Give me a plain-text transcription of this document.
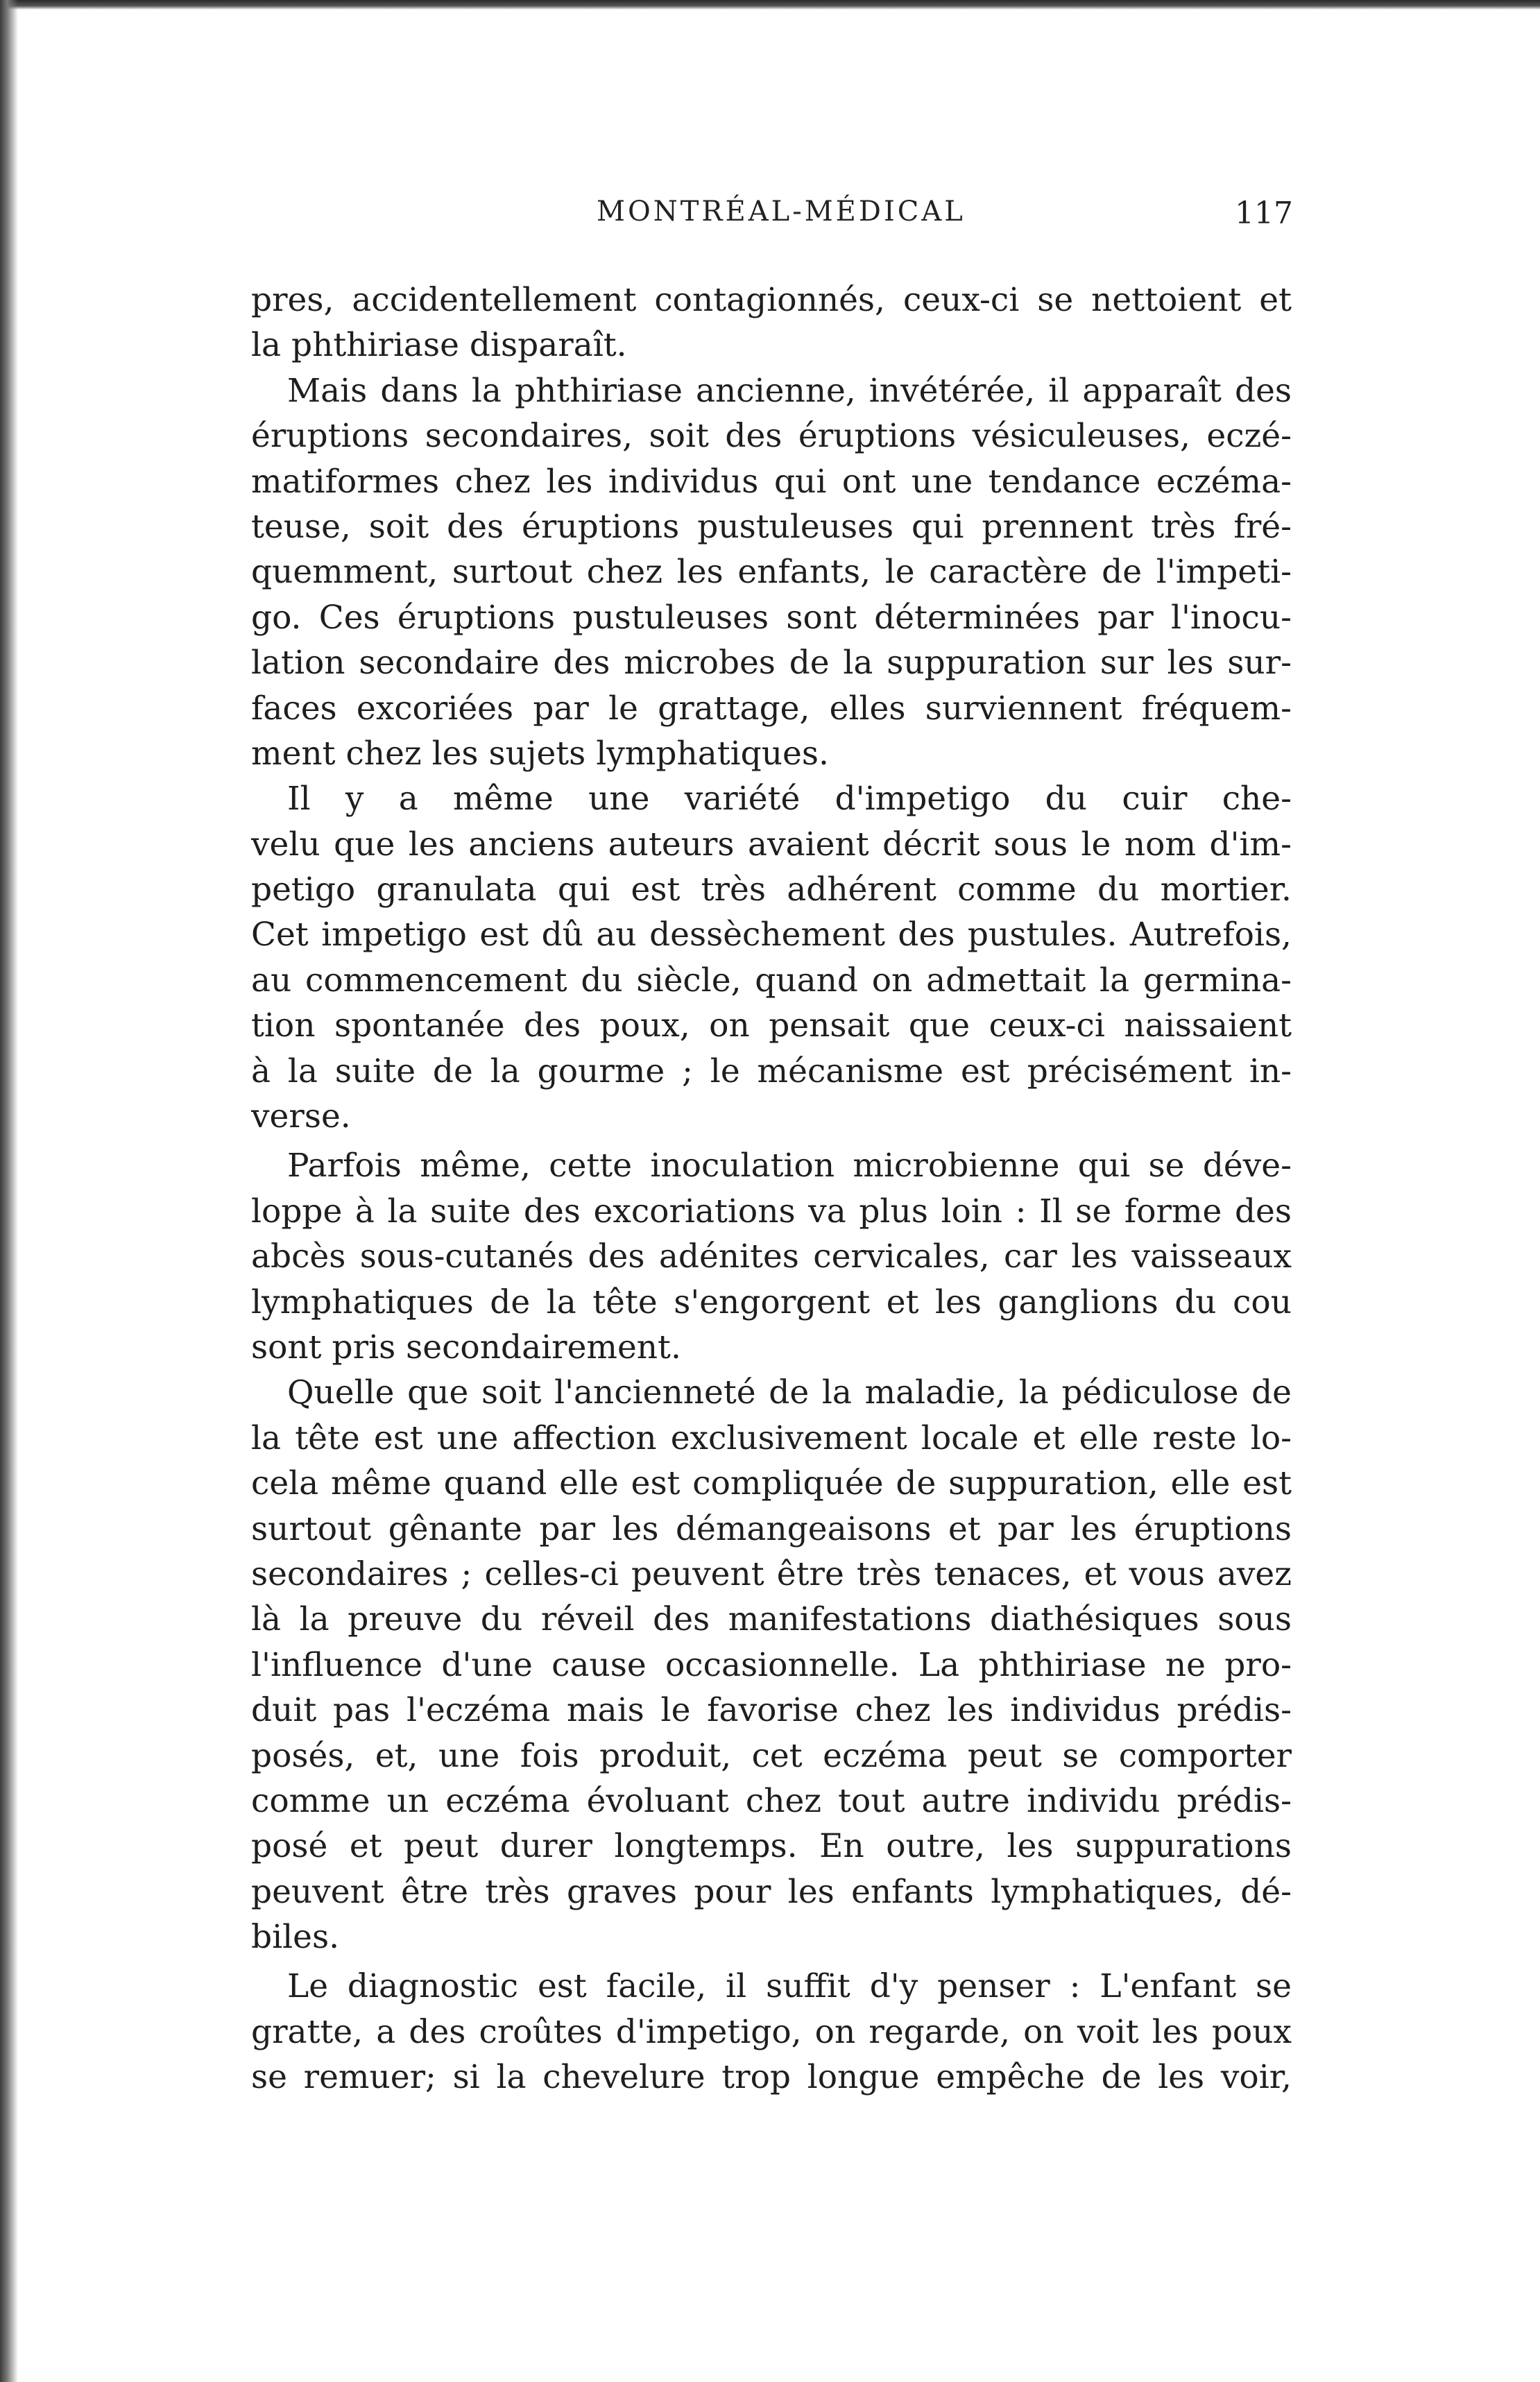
MONTRÉAL-MÉDICAL	117
pres, accidentellement contagionnés, ceux-ci se nettoient et
la phthiriase disparaît.
Mais dans la phthiriase ancienne, invétérée, il apparaît des
éruptions secondaires, soit des éruptions vésiculeuses, eczé-
matiformes chez les individus qui ont une tendance eczéma-
teuse, soit des éruptions pustuleuses qui prennent très fré-
quemment, surtout chez les enfants, le caractère de l'impeti-
go. Ces éruptions pustuleuses sont déterminées par l'inocu-
lation secondaire des microbes de la suppuration sur les sur-
faces excoriées par le grattage, elles surviennent fréquem-
ment chez les sujets lymphatiques.
Il y a même une variété d'impetigo du cuir che-
velu que les anciens auteurs avaient décrit sous le nom d'im-
petigo granulata qui est très adhérent comme du mortier.
Cet impetigo est dû au dessèchement des pustules. Autrefois,
au commencement du siècle, quand on admettait la germina-
tion spontanée des poux, on pensait que ceux-ci naissaient
à la suite de la gourme ; le mécanisme est précisément in-
verse.
Parfois même, cette inoculation microbienne qui se déve-
loppe à la suite des excoriations va plus loin : Il se forme des
abcès sous-cutanés des adénites cervicales, car les vaisseaux
lymphatiques de la tête s'engorgent et les ganglions du cou
sont pris secondairement.
Quelle que soit l'ancienneté de la maladie, la pédiculose de
la tête est une affection exclusivement locale et elle reste lo-
cela même quand elle est compliquée de suppuration, elle est
surtout gênante par les démangeaisons et par les éruptions
secondaires ; celles-ci peuvent être très tenaces, et vous avez
là la preuve du réveil des manifestations diathésiques sous
l'influence d'une cause occasionnelle. La phthiriase ne pro-
duit pas l'eczéma mais le favorise chez les individus prédis-
posés, et, une fois produit, cet eczéma peut se comporter
comme un eczéma évoluant chez tout autre individu prédis-
posé et peut durer longtemps. En outre, les suppurations
peuvent être très graves pour les enfants lymphatiques, dé-
biles.
Le diagnostic est facile, il suffit d'y penser : L'enfant se
gratte, a des croûtes d'impetigo, on regarde, on voit les poux
se remuer; si la chevelure trop longue empêche de les voir,
